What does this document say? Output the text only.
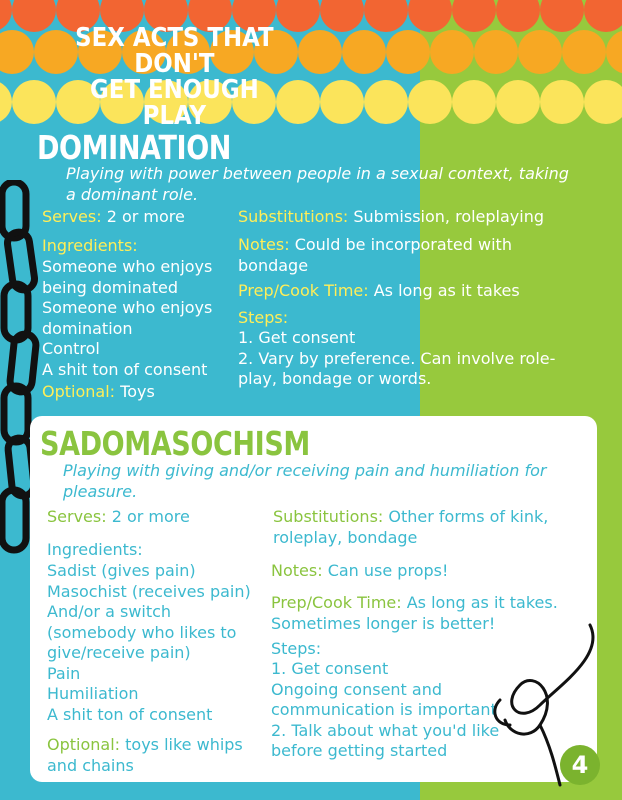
SEX ACTS THAT DON'T
GET ENOUGH PLAY
DOMINATION
Playing with power between people in a sexual context, taking
a dominant role.
Serves: 2 or more
Ingredients:
Someone who enjoys
being dominated
Someone who enjoys
domination
Control
A shit ton of consent
Optional: Toys
Substitutions: Submission, roleplaying
Notes: Could be incorporated with
bondage
Prep/Cook Time: As long as it takes
Steps:
1. Get consent
2. Vary by preference. Can involve role-
play, bondage or words.
SADOMASOCHISM
Playing with giving and/or receiving pain and humiliation for
pleasure.
Serves: 2 or more
Ingredients:
Sadist (gives pain)
Masochist (receives pain)
And/or a switch
(somebody who likes to
give/receive pain)
Pain
Humiliation
A shit ton of consent
Optional: toys like whips
and chains
Substitutions: Other forms of kink,
roleplay, bondage
Notes: Can use props!
Prep/Cook Time: As long as it takes.
Sometimes longer is better!
Steps:
1. Get consent
Ongoing consent and
communication is important
2. Talk about what you'd like
before getting started
4
